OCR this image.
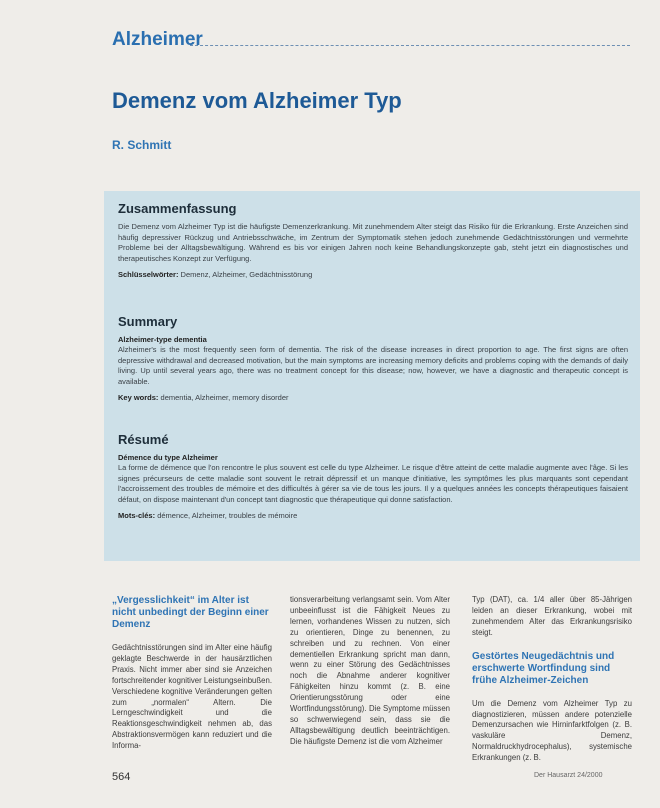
Alzheimer
Demenz vom Alzheimer Typ
R. Schmitt
Zusammenfassung

Die Demenz vom Alzheimer Typ ist die häufigste Demenzerkrankung. Mit zunehmendem Alter steigt das Risiko für die Erkrankung. Erste Anzeichen sind häufig depressiver Rückzug und Antriebsschwäche, im Zentrum der Symptomatik stehen jedoch zunehmende Gedächtnisstörungen und vermehrte Probleme bei der Alltagsbewältigung. Während es bis vor einigen Jahren noch keine Behandlungskonzepte gab, steht jetzt ein diagnostisches und therapeutisches Konzept zur Verfügung.

Schlüsselwörter: Demenz, Alzheimer, Gedächtnisstörung

Summary

Alzheimer-type dementia

Alzheimer's is the most frequently seen form of dementia. The risk of the disease increases in direct proportion to age. The first signs are often depressive withdrawal and decreased motivation, but the main symptoms are increasing memory deficits and problems coping with the demands of daily living. Up until several years ago, there was no treatment concept for this disease; now, however, we have a diagnostic and therapeutic concept is available.

Key words: dementia, Alzheimer, memory disorder

Résumé

Démence du type Alzheimer

La forme de démence que l'on rencontre le plus souvent est celle du type Alzheimer. Le risque d'être atteint de cette maladie augmente avec l'âge. Si les signes précurseurs de cette maladie sont souvent le retrait dépressif et un manque d'initiative, les symptômes les plus marquants sont cependant l'accroissement des troubles de mémoire et des difficultés à gérer sa vie de tous les jours. Il y a quelques années les concepts thérapeutiques faisaient défaut, on dispose maintenant d'un concept tant diagnostic que thérapeutique qui donne satisfaction.

Mots-clés: démence, Alzheimer, troubles de mémoire

„Vergesslichkeit“ im Alter ist nicht unbedingt der Beginn einer Demenz

Gedächtnisstörungen sind im Alter eine häufig geklagte Beschwerde in der hausärztlichen Praxis. Nicht immer aber sind sie Anzeichen fortschreitender kognitiver Leistungseinbußen. Verschiedene kognitive Veränderungen gelten zum „normalen“ Altern. Die Lerngeschwindigkeit und die Reaktionsgeschwindigkeit nehmen ab, das Abstraktionsvermögen kann reduziert und die Informa-

tionsverarbeitung verlangsamt sein. Vom Alter unbeeinflusst ist die Fähigkeit Neues zu lernen, vorhandenes Wissen zu nutzen, sich zu orientieren, Dinge zu benennen, zu schreiben und zu rechnen. Von einer dementiellen Erkrankung spricht man dann, wenn zu einer Störung des Gedächtnisses noch die Abnahme anderer kognitiver Fähigkeiten hinzu kommt (z. B. eine Orientierungsstörung oder eine Wortfindungsstörung). Die Symptome müssen so schwerwiegend sein, dass sie die Alltagsbewältigung deutlich beeinträchtigen. Die häufigste Demenz ist die vom Alzheimer

Typ (DAT), ca. 1/4 aller über 85-Jährigen leiden an dieser Erkrankung, wobei mit zunehmendem Alter das Erkrankungsrisiko steigt.

Gestörtes Neugedächtnis und erschwerte Wortfindung sind frühe Alzheimer-Zeichen

Um die Demenz vom Alzheimer Typ zu diagnostizieren, müssen andere potenzielle Demenzursachen wie Hirninfarktfolgen (z. B. vaskuläre Demenz, Normaldruckhydrocephalus), systemische Erkrankungen (z. B.

564	Der Hausarzt 24/2000
